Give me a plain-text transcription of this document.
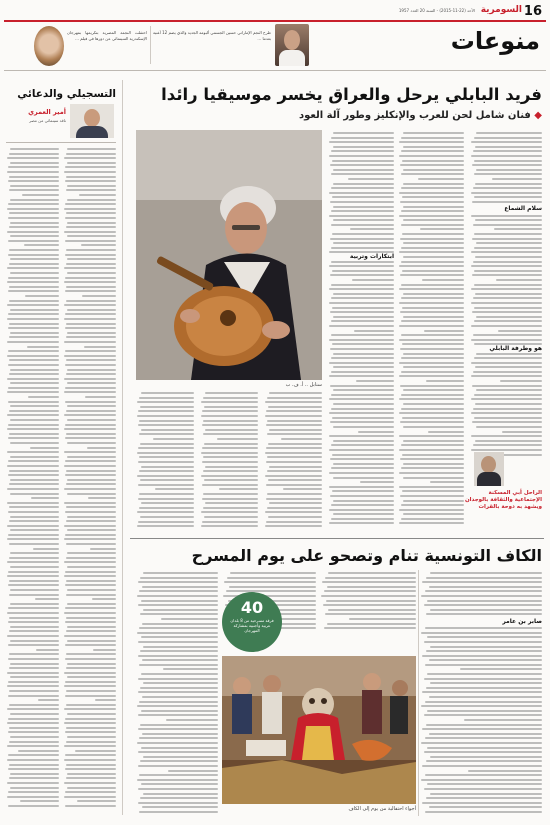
16
السومرية
الأحد (22-11-2015) - السنة 20 العدد 1957
منوعات
طرح النجم الإماراتي حسين الجسمي ألبومه الجديد والذي يضم 12 أغنية بعدما ...
احتفلت النجمة المصرية بتكريمها بمهرجان الإسكندرية السينمائي عن دورها في فيلم ...
التسجيلي والدعائي
أمير العمري
ناقد سينمائي من مصر
فريد البابلي يرحل والعراق يخسر موسيقيا رائدا
◆ فنان شامل لحن للعرب والإنكليز وطور آلة العود
سلام الشماع
هو وطرفة البابلي
الراحل أبي المسكنة الإجتماعية والثقافة بالوجدان ويشهد به دوحة بالقرات
سنابل .. أ. ف. ب
ابتكارات وتربية
الكاف التونسية تنام وتصحو على يوم المسرح
صابر بن عامر
40
فرقة مسرحية من 8 بلدان عربية وأجنبية بمشاركة المهرجان
أجواء احتفالية من يوم إلى الكاف
